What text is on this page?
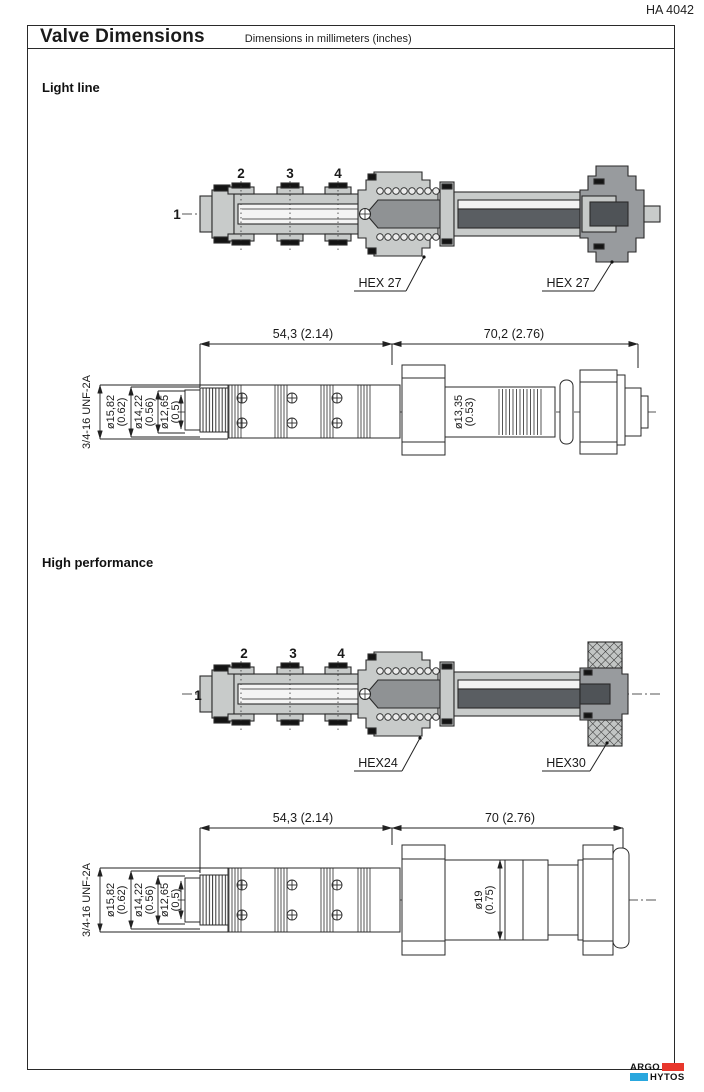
HA 4042
Valve Dimensions	Dimensions in millimeters (inches)
Light line
High performance
1
2	3	4
HEX 27	HEX 27
54,3 (2.14)	70,2 (2.76)
3/4-16 UNF-2A ø15,82 (0.62) ø14,22 (0.56) ø12,65 (0.5)	ø13,35 (0.53)
1
2	3	4
HEX24	HEX30
54,3 (2.14)	70 (2.76)
3/4-16 UNF-2A ø15,82 (0.62) ø14,22 (0.56) ø12,65 (0.5)	ø19 (0.75)
ARGO
HYTOS
